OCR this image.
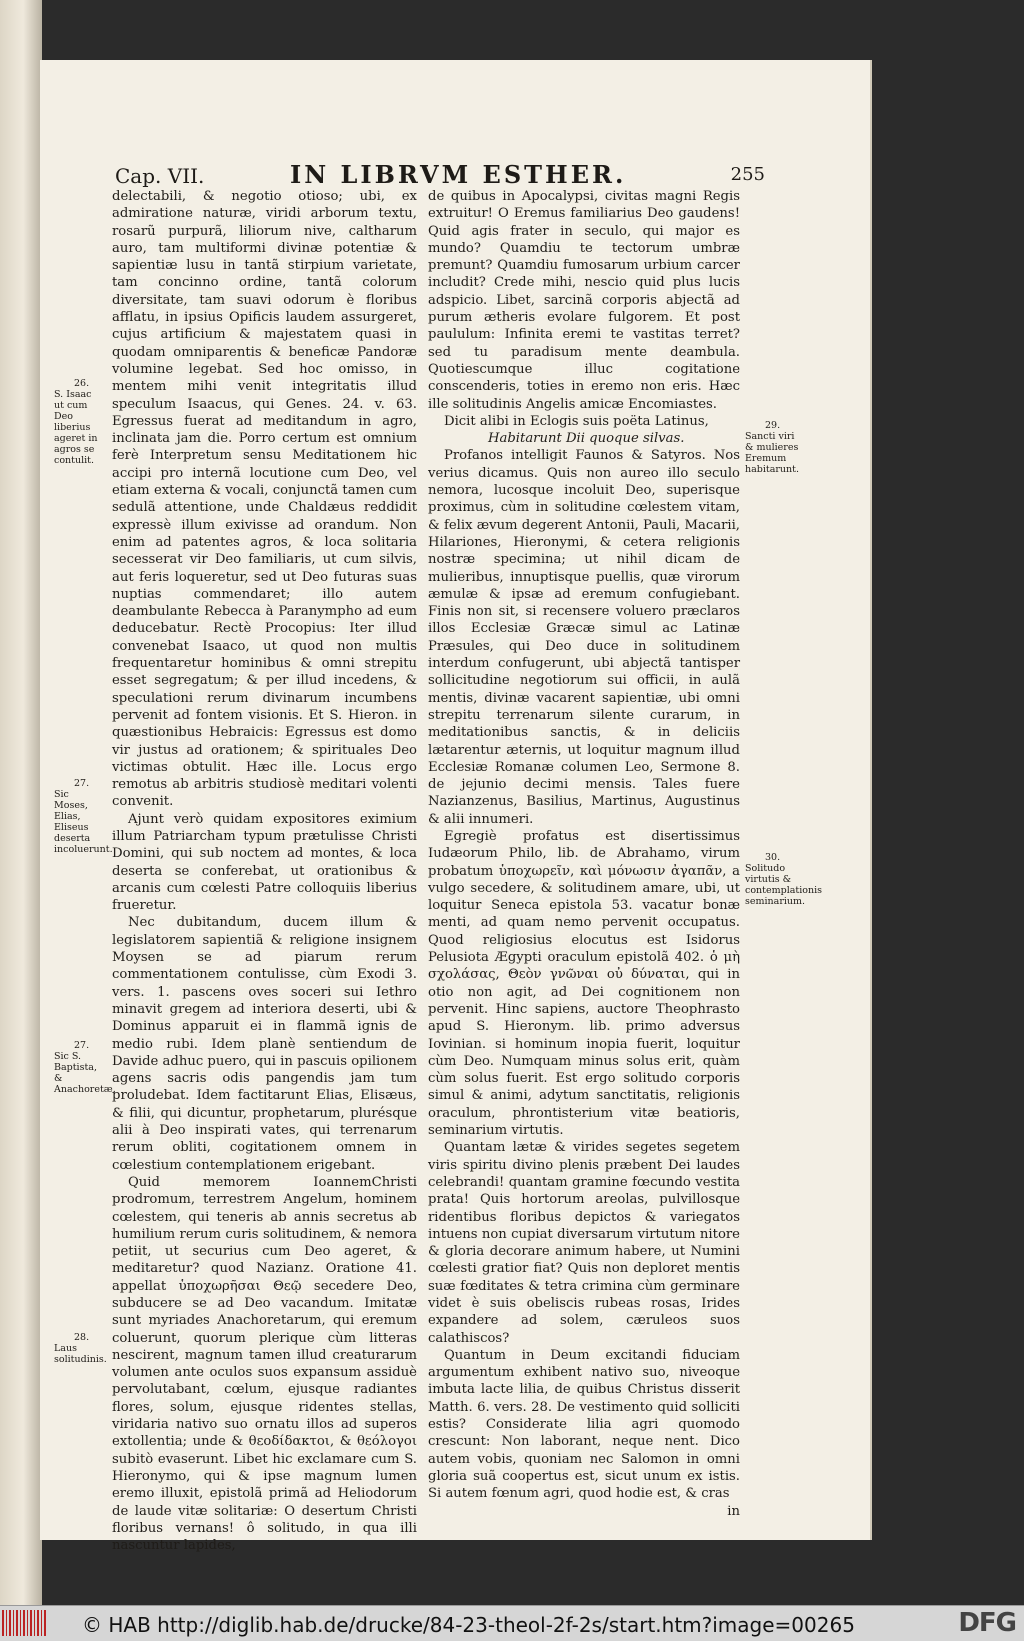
Cap. VII.	IN LIBRVM ESTHER.	255

delectabili, & negotio otioso; ubi, ex admiratione naturæ, viridi arborum textu, rosarũ purpurã, liliorum nive, caltharum auro, tam multiformi divinæ potentiæ & sapientiæ lusu in tantã stirpium varietate, tam concinno ordine, tantã colorum diversitate, tam suavi odorum è floribus afflatu, in ipsius Opificis laudem assurgeret, cujus artificium & majestatem quasi in quodam omniparentis & beneficæ Pandoræ volumine legebat. Sed hoc omisso, in mentem mihi venit integritatis illud speculum Isaacus, qui Genes. 24. v. 63. Egressus fuerat ad meditandum in agro, inclinata jam die. Porro certum est omnium ferè Interpretum sensu Meditationem hic accipi pro internã locutione cum Deo, vel etiam externa & vocali, conjunctã tamen cum sedulã attentione, unde Chaldæus reddidit expressè illum exivisse ad orandum. Non enim ad patentes agros, & loca solitaria secesserat vir Deo familiaris, ut cum silvis, aut feris loqueretur, sed ut Deo futuras suas nuptias commendaret; illo autem deambulante Rebecca à Paranympho ad eum deducebatur. Rectè Procopius: Iter illud convenebat Isaaco, ut quod non multis frequentaretur hominibus & omni strepitu esset segregatum; & per illud incedens, & speculationi rerum divinarum incumbens pervenit ad fontem visionis. Et S. Hieron. in quæstionibus Hebraicis: Egressus est domo vir justus ad orationem; & spirituales Deo victimas obtulit. Hæc ille. Locus ergo remotus ab arbitris studiosè meditari volenti convenit.

Ajunt verò quidam expositores eximium illum Patriarcham typum prætulisse Christi Domini, qui sub noctem ad montes, & loca deserta se conferebat, ut orationibus & arcanis cum cœlesti Patre colloquiis liberius frueretur.

Nec dubitandum, ducem illum & legislatorem sapientiã & religione insignem Moysen se ad piarum rerum commentationem contulisse, cùm Exodi 3. vers. 1. pascens oves soceri sui Iethro minavit gregem ad interiora deserti, ubi & Dominus apparuit ei in flammã ignis de medio rubi. Idem planè sentiendum de Davide adhuc puero, qui in pascuis opilionem agens sacris odis pangendis jam tum proludebat. Idem factitarunt Elias, Elisæus, & filii, qui dicuntur, prophetarum, plurésque alii à Deo inspirati vates, qui terrenarum rerum obliti, cogitationem omnem in cœlestium contemplationem erigebant.

Quid memorem IoannemChristi prodromum, terrestrem Angelum, hominem cœlestem, qui teneris ab annis secretus ab humilium rerum curis solitudinem, & nemora petiit, ut securius cum Deo ageret, & meditaretur? quod Nazianz. Oratione 41. appellat ὑποχωρῆσαι Θεῷ secedere Deo, subducere se ad Deo vacandum. Imitatæ sunt myriades Anachoretarum, qui eremum coluerunt, quorum plerique cùm litteras nescirent, magnum tamen illud creaturarum volumen ante oculos suos expansum assiduè pervolutabant, cœlum, ejusque radiantes flores, solum, ejusque ridentes stellas, viridaria nativo suo ornatu illos ad superos extollentia; unde & θεοδίδακτοι, & θεόλογοι subitò evaserunt. Libet hic exclamare cum S. Hieronymo, qui & ipse magnum lumen eremo illuxit, epistolã primã ad Heliodorum de laude vitæ solitariæ: O desertum Christi floribus vernans! ô solitudo, in qua illi nascuntur lapides,

de quibus in Apocalypsi, civitas magni Regis extruitur! O Eremus familiarius Deo gaudens! Quid agis frater in seculo, qui major es mundo? Quamdiu te tectorum umbræ premunt? Quamdiu fumosarum urbium carcer includit? Crede mihi, nescio quid plus lucis adspicio. Libet, sarcinã corporis abjectã ad purum ætheris evolare fulgorem. Et post paululum: Infinita eremi te vastitas terret? sed tu paradisum mente deambula. Quotiescumque illuc cogitatione conscenderis, toties in eremo non eris. Hæc ille solitudinis Angelis amicæ Encomiastes.

Dicit alibi in Eclogis suis poëta Latinus,

Habitarunt Dii quoque silvas.

Profanos intelligit Faunos & Satyros. Nos verius dicamus. Quis non aureo illo seculo nemora, lucosque incoluit Deo, superisque proximus, cùm in solitudine cœlestem vitam, & felix ævum degerent Antonii, Pauli, Macarii, Hilariones, Hieronymi, & cetera religionis nostræ specimina; ut nihil dicam de mulieribus, innuptisque puellis, quæ virorum æmulæ & ipsæ ad eremum confugiebant. Finis non sit, si recensere voluero præclaros illos Ecclesiæ Græcæ simul ac Latinæ Præsules, qui Deo duce in solitudinem interdum confugerunt, ubi abjectã tantisper sollicitudine negotiorum sui officii, in aulã mentis, divinæ vacarent sapientiæ, ubi omni strepitu terrenarum silente curarum, in meditationibus sanctis, & in deliciis lætarentur æternis, ut loquitur magnum illud Ecclesiæ Romanæ columen Leo, Sermone 8. de jejunio decimi mensis. Tales fuere Nazianzenus, Basilius, Martinus, Augustinus & alii innumeri.

Egregiè profatus est disertissimus Iudæorum Philo, lib. de Abrahamo, virum probatum ὑποχωρεῖν, καὶ μόνωσιν ἀγαπᾶν, a vulgo secedere, & solitudinem amare, ubi, ut loquitur Seneca epistola 53. vacatur bonæ menti, ad quam nemo pervenit occupatus. Quod religiosius elocutus est Isidorus Pelusiota Ægypti oraculum epistolã 402. ὁ μὴ σχολάσας, Θεὸν γνῶναι οὐ δύναται, qui in otio non agit, ad Dei cognitionem non pervenit. Hinc sapiens, auctore Theophrasto apud S. Hieronym. lib. primo adversus Iovinian. si hominum inopia fuerit, loquitur cùm Deo. Numquam minus solus erit, quàm cùm solus fuerit. Est ergo solitudo corporis simul & animi, adytum sanctitatis, religionis oraculum, phrontisterium vitæ beatioris, seminarium virtutis.

Quantam lætæ & virides segetes segetem viris spiritu divino plenis præbent Dei laudes celebrandi! quantam gramine fœcundo vestita prata! Quis hortorum areolas, pulvillosque ridentibus floribus depictos & variegatos intuens non cupiat diversarum virtutum nitore & gloria decorare animum habere, ut Numini cœlesti gratior fiat? Quis non deploret mentis suæ fœditates & tetra crimina cùm germinare videt è suis obeliscis rubeas rosas, Irides expandere ad solem, cæruleos suos calathiscos?

Quantum in Deum excitandi fiduciam argumentum exhibent nativo suo, niveoque imbuta lacte lilia, de quibus Christus disserit Matth. 6. vers. 28. De vestimento quid solliciti estis? Considerate lilia agri quomodo crescunt: Non laborant, neque nent. Dico autem vobis, quoniam nec Salomon in omni gloria suã coopertus est, sicut unum ex istis. Si autem fœnum agri, quod hodie est, & cras

in

26.
S. Isaac ut cum Deo liberius ageret in agros se contulit.
27.
Sic Moses, Elias, Eliseus deserta incoluerunt.
27.
Sic S. Baptista, & Anachoretæ.
28.
Laus solitudinis.
29.
Sancti viri & mulieres Eremum habitarunt.
30.
Solitudo virtutis & contemplationis seminarium.
© HAB http://diglib.hab.de/drucke/84-23-theol-2f-2s/start.htm?image=00265	DFG
